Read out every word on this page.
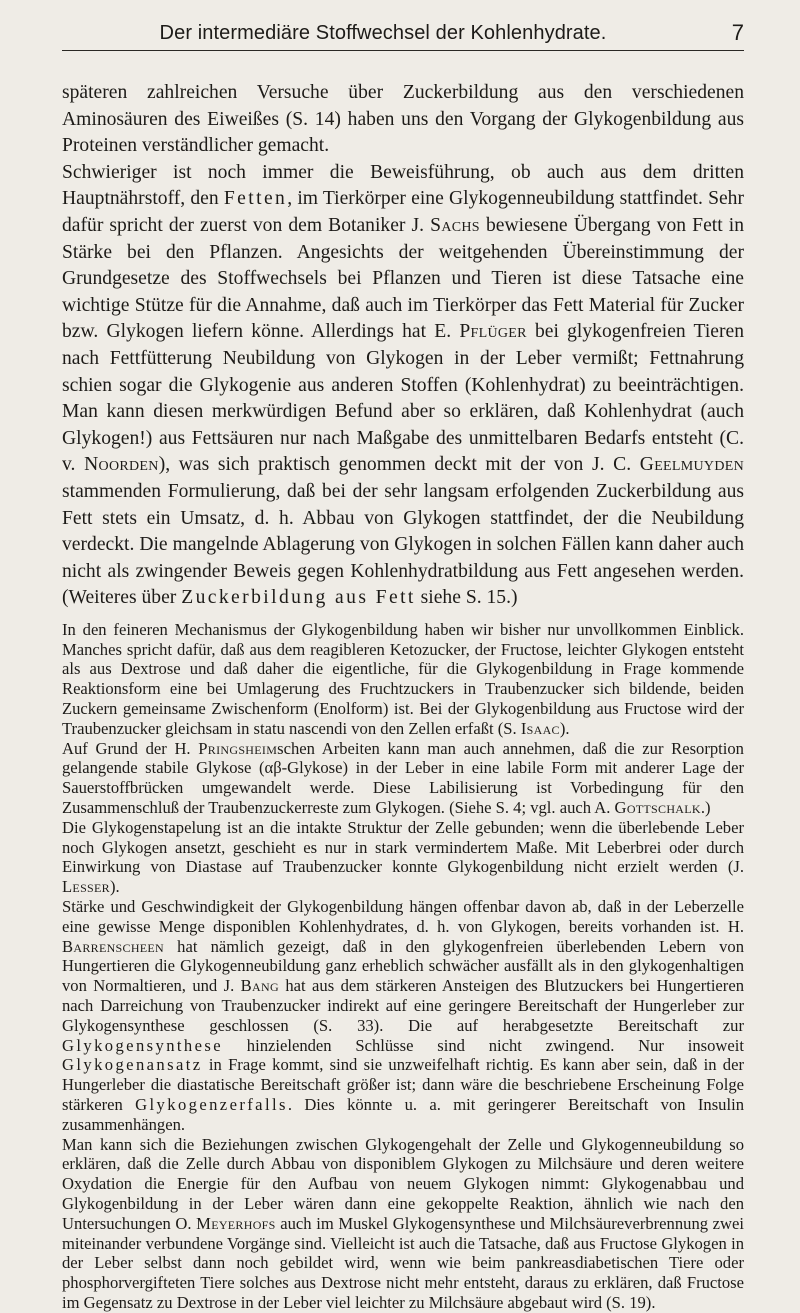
Der intermediäre Stoffwechsel der Kohlenhydrate.	7

späteren zahlreichen Versuche über Zuckerbildung aus den verschiedenen Aminosäuren des Eiweißes (S. 14) haben uns den Vorgang der Glykogenbildung aus Proteinen verständlicher gemacht.

Schwieriger ist noch immer die Beweisführung, ob auch aus dem dritten Hauptnährstoff, den Fetten, im Tierkörper eine Glykogenneubildung stattfindet. Sehr dafür spricht der zuerst von dem Botaniker J. Sachs bewiesene Übergang von Fett in Stärke bei den Pflanzen. Angesichts der weitgehenden Übereinstimmung der Grundgesetze des Stoffwechsels bei Pflanzen und Tieren ist diese Tatsache eine wichtige Stütze für die Annahme, daß auch im Tierkörper das Fett Material für Zucker bzw. Glykogen liefern könne. Allerdings hat E. Pflüger bei glykogenfreien Tieren nach Fettfütterung Neubildung von Glykogen in der Leber vermißt; Fettnahrung schien sogar die Glykogenie aus anderen Stoffen (Kohlenhydrat) zu beeinträchtigen. Man kann diesen merkwürdigen Befund aber so erklären, daß Kohlenhydrat (auch Glykogen!) aus Fettsäuren nur nach Maßgabe des unmittelbaren Bedarfs entsteht (C. v. Noorden), was sich praktisch genommen deckt mit der von J. C. Geelmuyden stammenden Formulierung, daß bei der sehr langsam erfolgenden Zuckerbildung aus Fett stets ein Umsatz, d. h. Abbau von Glykogen stattfindet, der die Neubildung verdeckt. Die mangelnde Ablagerung von Glykogen in solchen Fällen kann daher auch nicht als zwingender Beweis gegen Kohlenhydratbildung aus Fett angesehen werden. (Weiteres über Zuckerbildung aus Fett siehe S. 15.)

In den feineren Mechanismus der Glykogenbildung haben wir bisher nur unvollkommen Einblick. Manches spricht dafür, daß aus dem reagibleren Ketozucker, der Fructose, leichter Glykogen entsteht als aus Dextrose und daß daher die eigentliche, für die Glykogenbildung in Frage kommende Reaktionsform eine bei Umlagerung des Fruchtzuckers in Traubenzucker sich bildende, beiden Zuckern gemeinsame Zwischenform (Enolform) ist. Bei der Glykogenbildung aus Fructose wird der Traubenzucker gleichsam in statu nascendi von den Zellen erfaßt (S. Isaac).

Auf Grund der H. Pringsheimschen Arbeiten kann man auch annehmen, daß die zur Resorption gelangende stabile Glykose (αβ-Glykose) in der Leber in eine labile Form mit anderer Lage der Sauerstoffbrücken umgewandelt werde. Diese Labilisierung ist Vorbedingung für den Zusammenschluß der Traubenzuckerreste zum Glykogen. (Siehe S. 4; vgl. auch A. Gottschalk.)

Die Glykogenstapelung ist an die intakte Struktur der Zelle gebunden; wenn die überlebende Leber noch Glykogen ansetzt, geschieht es nur in stark vermindertem Maße. Mit Leberbrei oder durch Einwirkung von Diastase auf Traubenzucker konnte Glykogenbildung nicht erzielt werden (J. Lesser).

Stärke und Geschwindigkeit der Glykogenbildung hängen offenbar davon ab, daß in der Leberzelle eine gewisse Menge disponiblen Kohlenhydrates, d. h. von Glykogen, bereits vorhanden ist. H. Barrenscheen hat nämlich gezeigt, daß in den glykogenfreien überlebenden Lebern von Hungertieren die Glykogenneubildung ganz erheblich schwächer ausfällt als in den glykogenhaltigen von Normaltieren, und J. Bang hat aus dem stärkeren Ansteigen des Blutzuckers bei Hungertieren nach Darreichung von Traubenzucker indirekt auf eine geringere Bereitschaft der Hungerleber zur Glykogensynthese geschlossen (S. 33). Die auf herabgesetzte Bereitschaft zur Glykogensynthese hinzielenden Schlüsse sind nicht zwingend. Nur insoweit Glykogenansatz in Frage kommt, sind sie unzweifelhaft richtig. Es kann aber sein, daß in der Hungerleber die diastatische Bereitschaft größer ist; dann wäre die beschriebene Erscheinung Folge stärkeren Glykogenzerfalls. Dies könnte u. a. mit geringerer Bereitschaft von Insulin zusammenhängen.

Man kann sich die Beziehungen zwischen Glykogengehalt der Zelle und Glykogenneubildung so erklären, daß die Zelle durch Abbau von disponiblem Glykogen zu Milchsäure und deren weitere Oxydation die Energie für den Aufbau von neuem Glykogen nimmt: Glykogenabbau und Glykogenbildung in der Leber wären dann eine gekoppelte Reaktion, ähnlich wie nach den Untersuchungen O. Meyerhofs auch im Muskel Glykogensynthese und Milchsäureverbrennung zwei miteinander verbundene Vorgänge sind. Vielleicht ist auch die Tatsache, daß aus Fructose Glykogen in der Leber selbst dann noch gebildet wird, wenn wie beim pankreasdiabetischen Tiere oder phosphorvergifteten Tiere solches aus Dextrose nicht mehr entsteht, daraus zu erklären, daß Fructose im Gegensatz zu Dextrose in der Leber viel leichter zu Milchsäure abgebaut wird (S. 19).
